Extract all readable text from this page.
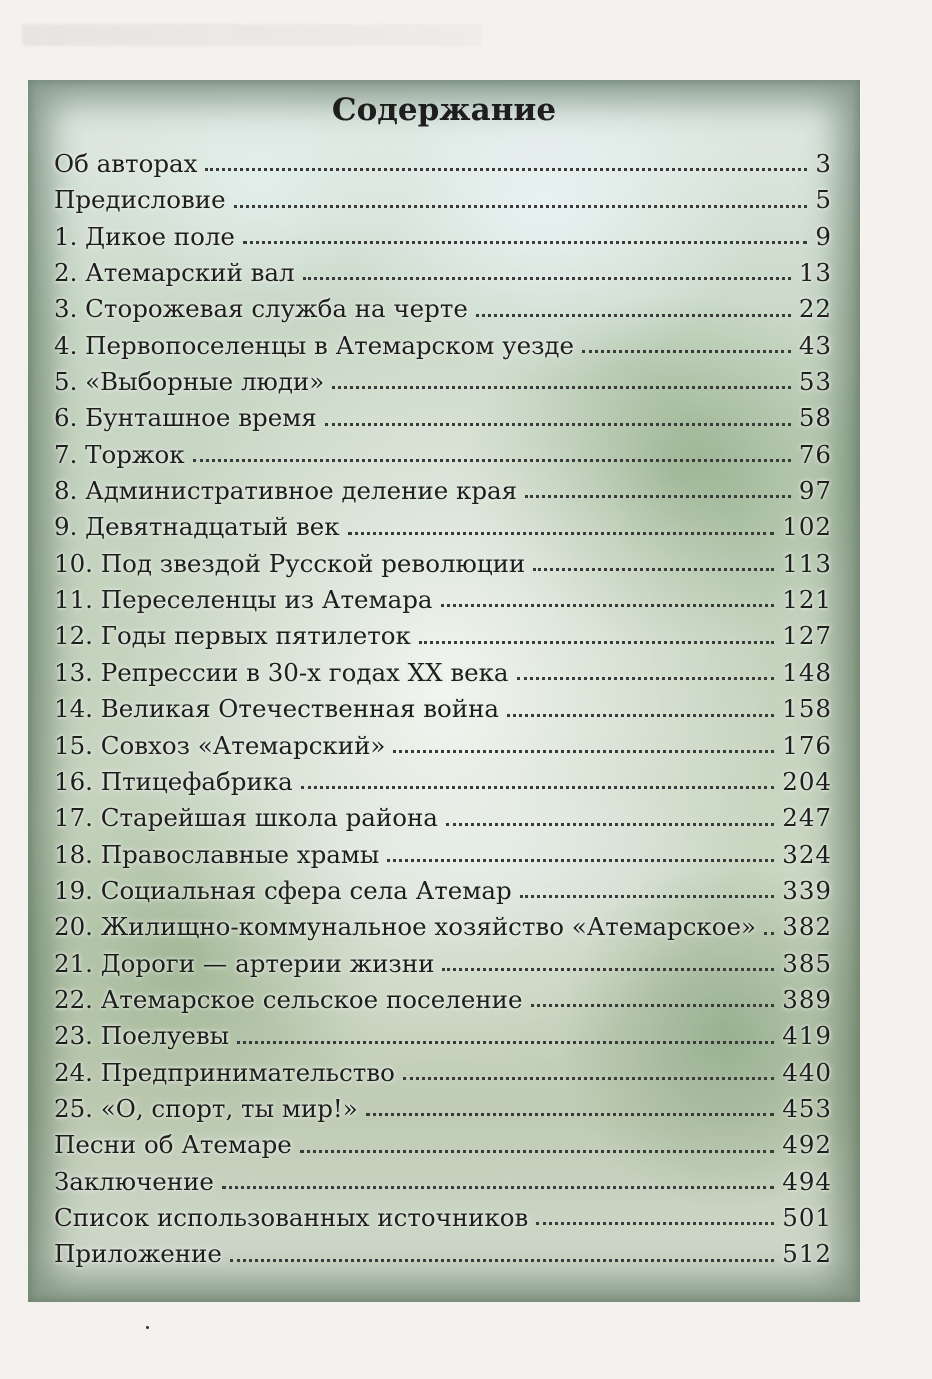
Содержание
Об авторах	3
Предисловие	5
1. Дикое поле	9
2. Атемарский вал	13
3. Сторожевая служба на черте	22
4. Первопоселенцы в Атемарском уезде	43
5. «Выборные люди»	53
6. Бунташное время	58
7. Торжок	76
8. Административное деление края	97
9. Девятнадцатый век	102
10. Под звездой Русской революции	113
11. Переселенцы из Атемара	121
12. Годы первых пятилеток	127
13. Репрессии в 30-х годах XX века	148
14. Великая Отечественная война	158
15. Совхоз «Атемарский»	176
16. Птицефабрика	204
17. Старейшая школа района	247
18. Православные храмы	324
19. Социальная сфера села Атемар	339
20. Жилищно-коммунальное хозяйство «Атемарское» 382
21. Дороги — артерии жизни	385
22. Атемарское сельское поселение	389
23. Поелуевы	419
24. Предпринимательство	440
25. «О, спорт, ты мир!»	453
Песни об Атемаре	492
Заключение	494
Список использованных источников	501
Приложение	512
